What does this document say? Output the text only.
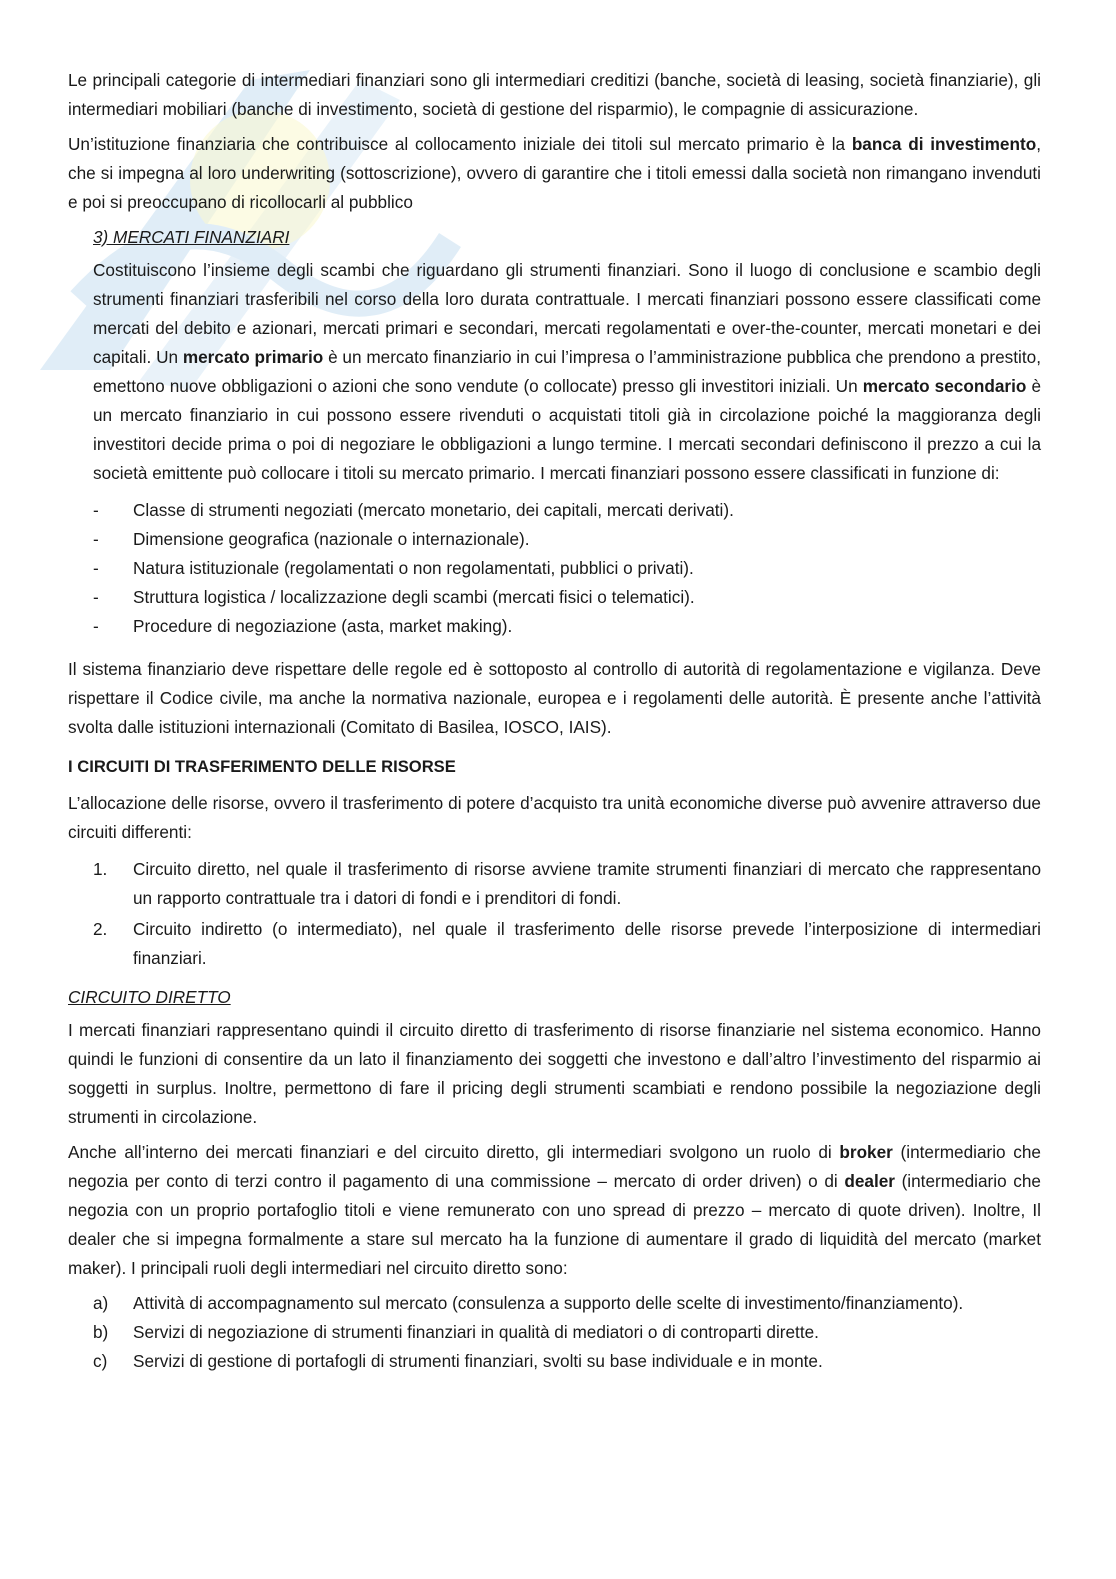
Le principali categorie di intermediari finanziari sono gli intermediari creditizi (banche, società di leasing, società finanziarie), gli intermediari mobiliari (banche di investimento, società di gestione del risparmio), le compagnie di assicurazione.

Un’istituzione finanziaria che contribuisce al collocamento iniziale dei titoli sul mercato primario è la banca di investimento, che si impegna al loro underwriting (sottoscrizione), ovvero di garantire che i titoli emessi dalla società non rimangano invenduti e poi si preoccupano di ricollocarli al pubblico

3) MERCATI FINANZIARI

Costituiscono l’insieme degli scambi che riguardano gli strumenti finanziari. Sono il luogo di conclusione e scambio degli strumenti finanziari trasferibili nel corso della loro durata contrattuale. I mercati finanziari possono essere classificati come mercati del debito e azionari, mercati primari e secondari, mercati regolamentati e over-the-counter, mercati monetari e dei capitali. Un mercato primario è un mercato finanziario in cui l’impresa o l’amministrazione pubblica che prendono a prestito, emettono nuove obbligazioni o azioni che sono vendute (o collocate) presso gli investitori iniziali. Un mercato secondario è un mercato finanziario in cui possono essere rivenduti o acquistati titoli già in circolazione poiché la maggioranza degli investitori decide prima o poi di negoziare le obbligazioni a lungo termine. I mercati secondari definiscono il prezzo a cui la società emittente può collocare i titoli su mercato primario. I mercati finanziari possono essere classificati in funzione di:

-	Classe di strumenti negoziati (mercato monetario, dei capitali, mercati derivati).
-	Dimensione geografica (nazionale o internazionale).
-	Natura istituzionale (regolamentati o non regolamentati, pubblici o privati).
-	Struttura logistica / localizzazione degli scambi (mercati fisici o telematici).
-	Procedure di negoziazione (asta, market making).

Il sistema finanziario deve rispettare delle regole ed è sottoposto al controllo di autorità di regolamentazione e vigilanza. Deve rispettare il Codice civile, ma anche la normativa nazionale, europea e i regolamenti delle autorità. È presente anche l’attività svolta dalle istituzioni internazionali (Comitato di Basilea, IOSCO, IAIS).

I CIRCUITI DI TRASFERIMENTO DELLE RISORSE

L’allocazione delle risorse, ovvero il trasferimento di potere d’acquisto tra unità economiche diverse può avvenire attraverso due circuiti differenti:

1.	Circuito diretto, nel quale il trasferimento di risorse avviene tramite strumenti finanziari di mercato che rappresentano un rapporto contrattuale tra i datori di fondi e i prenditori di fondi.
2.	Circuito indiretto (o intermediato), nel quale il trasferimento delle risorse prevede l’interposizione di intermediari finanziari.
CIRCUITO DIRETTO

I mercati finanziari rappresentano quindi il circuito diretto di trasferimento di risorse finanziarie nel sistema economico. Hanno quindi le funzioni di consentire da un lato il finanziamento dei soggetti che investono e dall’altro l’investimento del risparmio ai soggetti in surplus. Inoltre, permettono di fare il pricing degli strumenti scambiati e rendono possibile la negoziazione degli strumenti in circolazione.

Anche all’interno dei mercati finanziari e del circuito diretto, gli intermediari svolgono un ruolo di broker (intermediario che negozia per conto di terzi contro il pagamento di una commissione – mercato di order driven) o di dealer (intermediario che negozia con un proprio portafoglio titoli e viene remunerato con uno spread di prezzo – mercato di quote driven). Inoltre, Il dealer che si impegna formalmente a stare sul mercato ha la funzione di aumentare il grado di liquidità del mercato (market maker). I principali ruoli degli intermediari nel circuito diretto sono:

a)	Attività di accompagnamento sul mercato (consulenza a supporto delle scelte di investimento/finanziamento).
b)	Servizi di negoziazione di strumenti finanziari in qualità di mediatori o di controparti dirette.
c)	Servizi di gestione di portafogli di strumenti finanziari, svolti su base individuale e in monte.
